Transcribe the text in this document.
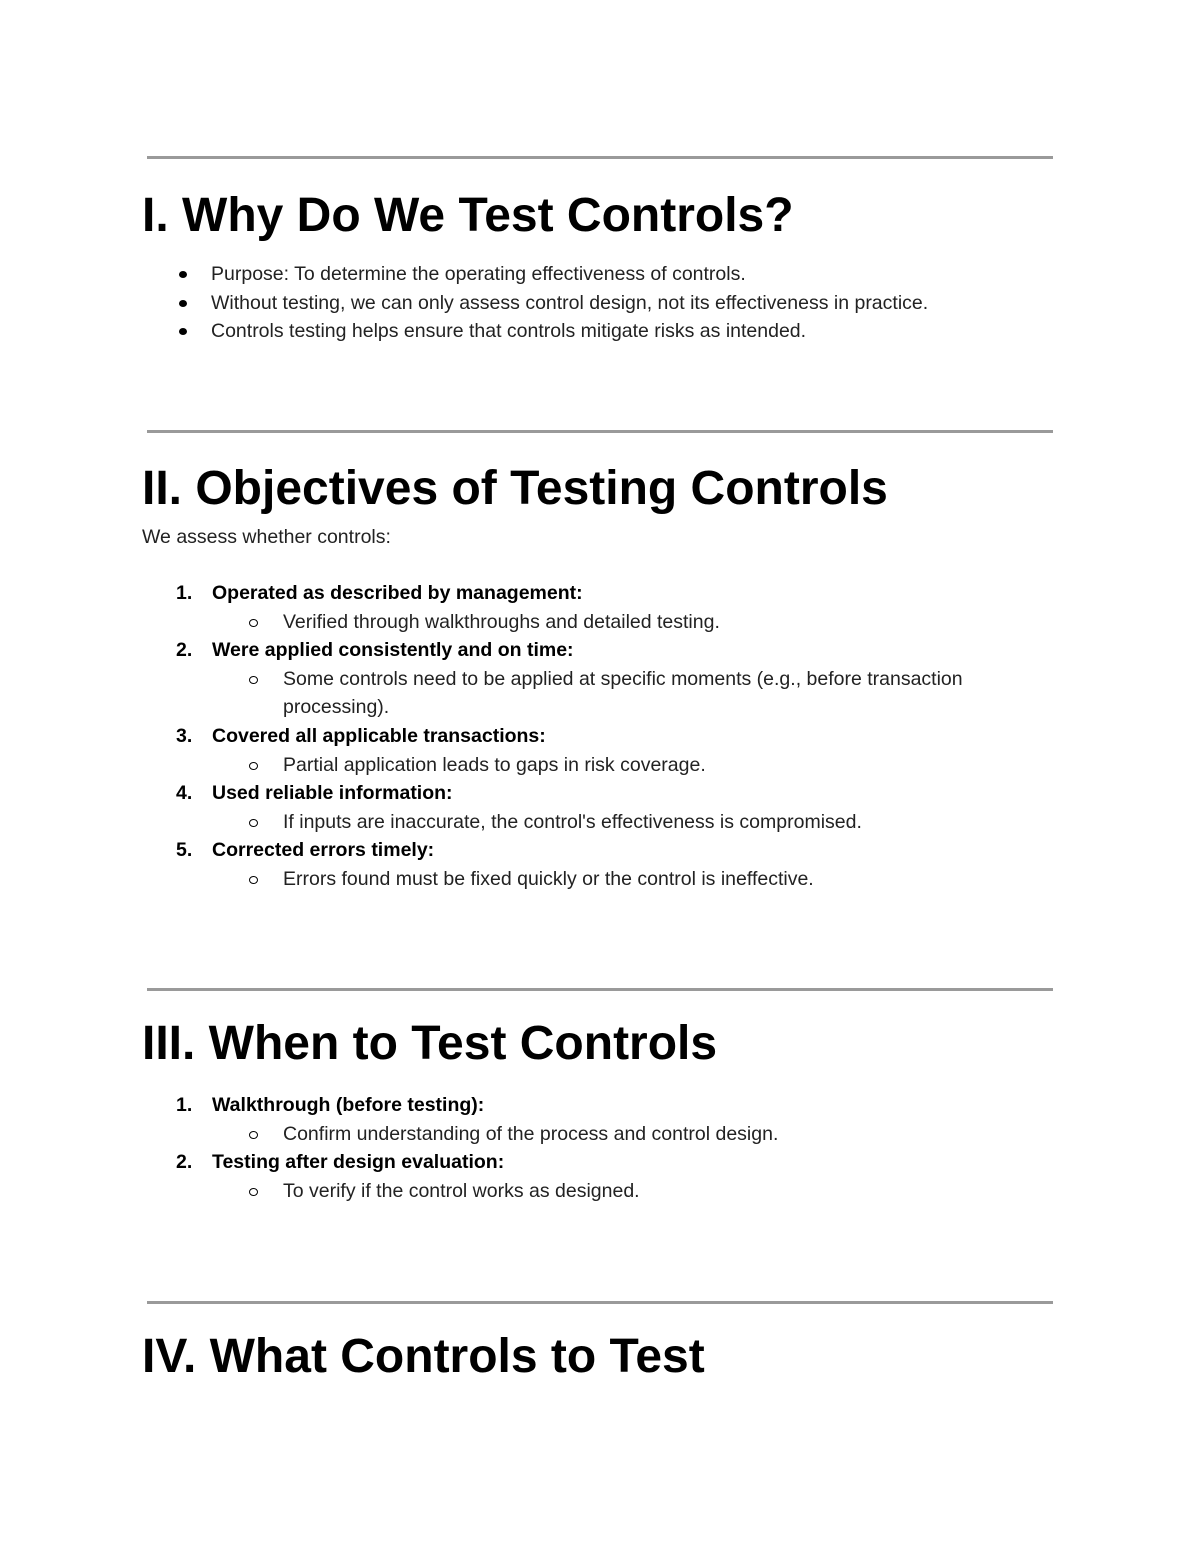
I. Why Do We Test Controls?
Purpose: To determine the operating effectiveness of controls.
Without testing, we can only assess control design, not its effectiveness in practice.
Controls testing helps ensure that controls mitigate risks as intended.
II. Objectives of Testing Controls

We assess whether controls:

1. Operated as described by management:
Verified through walkthroughs and detailed testing.
2. Were applied consistently and on time:
Some controls need to be applied at specific moments (e.g., before transaction processing).
3. Covered all applicable transactions:
Partial application leads to gaps in risk coverage.
4. Used reliable information:
If inputs are inaccurate, the control's effectiveness is compromised.
5. Corrected errors timely:
Errors found must be fixed quickly or the control is ineffective.
III. When to Test Controls
1. Walkthrough (before testing):
Confirm understanding of the process and control design.
2. Testing after design evaluation:
To verify if the control works as designed.
IV. What Controls to Test
